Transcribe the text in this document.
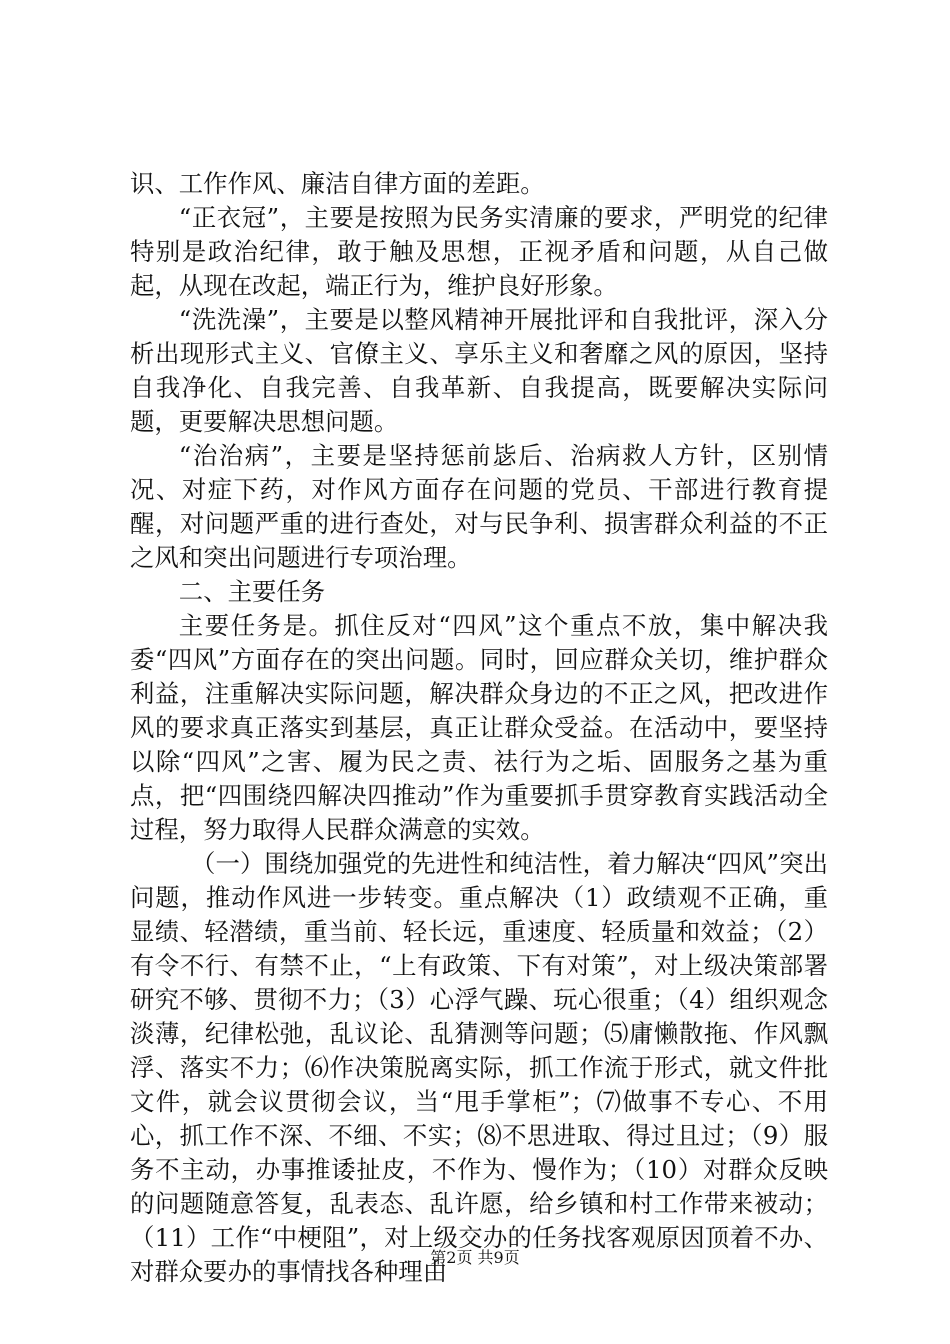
识、工作作风、廉洁自律方面的差距。

“正衣冠”，主要是按照为民务实清廉的要求，严明党的纪律特别是政治纪律，敢于触及思想，正视矛盾和问题，从自己做起，从现在改起，端正行为，维护良好形象。

“洗洗澡”，主要是以整风精神开展批评和自我批评，深入分析出现形式主义、官僚主义、享乐主义和奢靡之风的原因，坚持自我净化、自我完善、自我革新、自我提高，既要解决实际问题，更要解决思想问题。

“治治病”，主要是坚持惩前毖后、治病救人方针，区别情况、对症下药，对作风方面存在问题的党员、干部进行教育提醒，对问题严重的进行查处，对与民争利、损害群众利益的不正之风和突出问题进行专项治理。

二、主要任务

主要任务是。抓住反对“四风”这个重点不放，集中解决我委“四风”方面存在的突出问题。同时，回应群众关切，维护群众利益，注重解决实际问题，解决群众身边的不正之风，把改进作风的要求真正落实到基层，真正让群众受益。在活动中，要坚持以除“四风”之害、履为民之责、祛行为之垢、固服务之基为重点，把“四围绕四解决四推动”作为重要抓手贯穿教育实践活动全过程，努力取得人民群众满意的实效。

（一）围绕加强党的先进性和纯洁性，着力解决“四风”突出问题，推动作风进一步转变。重点解决（1）政绩观不正确，重显绩、轻潜绩，重当前、轻长远，重速度、轻质量和效益；（2）有令不行、有禁不止，“上有政策、下有对策”，对上级决策部署研究不够、贯彻不力；（3）心浮气躁、玩心很重；（4）组织观念淡薄，纪律松弛，乱议论、乱猜测等问题；⑸庸懒散拖、作风飘浮、落实不力；⑹作决策脱离实际，抓工作流于形式，就文件批文件，就会议贯彻会议，当“甩手掌柜”；⑺做事不专心、不用心，抓工作不深、不细、不实；⑻不思进取、得过且过；（9）服务不主动，办事推诿扯皮，不作为、慢作为；（10）对群众反映的问题随意答复，乱表态、乱许愿，给乡镇和村工作带来被动；（11）工作“中梗阻”，对上级交办的任务找客观原因顶着不办、对群众要办的事情找各种理由

第2页 共9页
